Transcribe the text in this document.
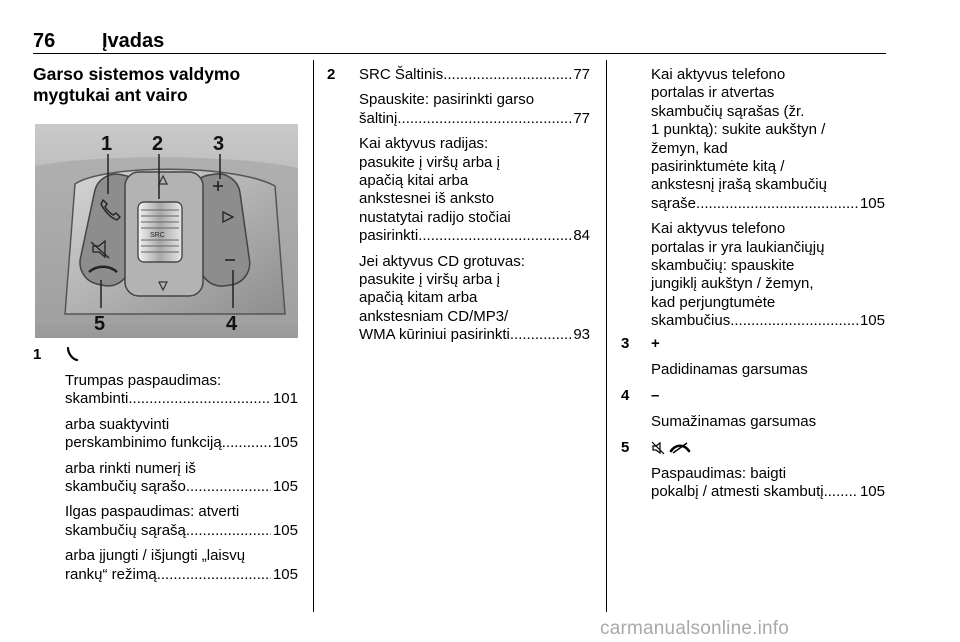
76 Įvadas
Garso sistemos valdymo
mygtukai ant vairo
SRC
1 2 3
4
5
1

Trumpas paspaudimas:

skambinti .....	101

arba suaktyvinti

perskambinimo funkciją .....	105

arba rinkti numerį iš

skambučių sąrašo .....	105

Ilgas paspaudimas: atverti

skambučių sąrašą .....	105

arba įjungti / išjungti „laisvų

rankų“ režimą .....	105
2 SRC Šaltinis .....	77

Spauskite: pasirinkti garso

šaltinį .....	77

Kai aktyvus radijas:

pasukite į viršų arba į

apačią kitai arba

ankstesnei iš anksto

nustatytai radijo stočiai

pasirinkti .....	84

Jei aktyvus CD grotuvas:

pasukite į viršų arba į

apačią kitam arba

ankstesniam CD/MP3/

WMA kūriniui pasirinkti .....	93

Kai aktyvus telefono

portalas ir atvertas

skambučių sąrašas (žr.

1 punktą): sukite aukštyn /

žemyn, kad

pasirinktumėte kitą /

ankstesnį įrašą skambučių

sąraše .....	105

Kai aktyvus telefono

portalas ir yra laukiančiųjų

skambučių: spauskite

jungiklį aukštyn / žemyn,

kad perjungtumėte

skambučius .....	105
3 +

Padidinamas garsumas

4 –

Sumažinamas garsumas

5

Paspaudimas: baigti

pokalbį / atmesti skambutį ..... 105
carmanualsonline.info
